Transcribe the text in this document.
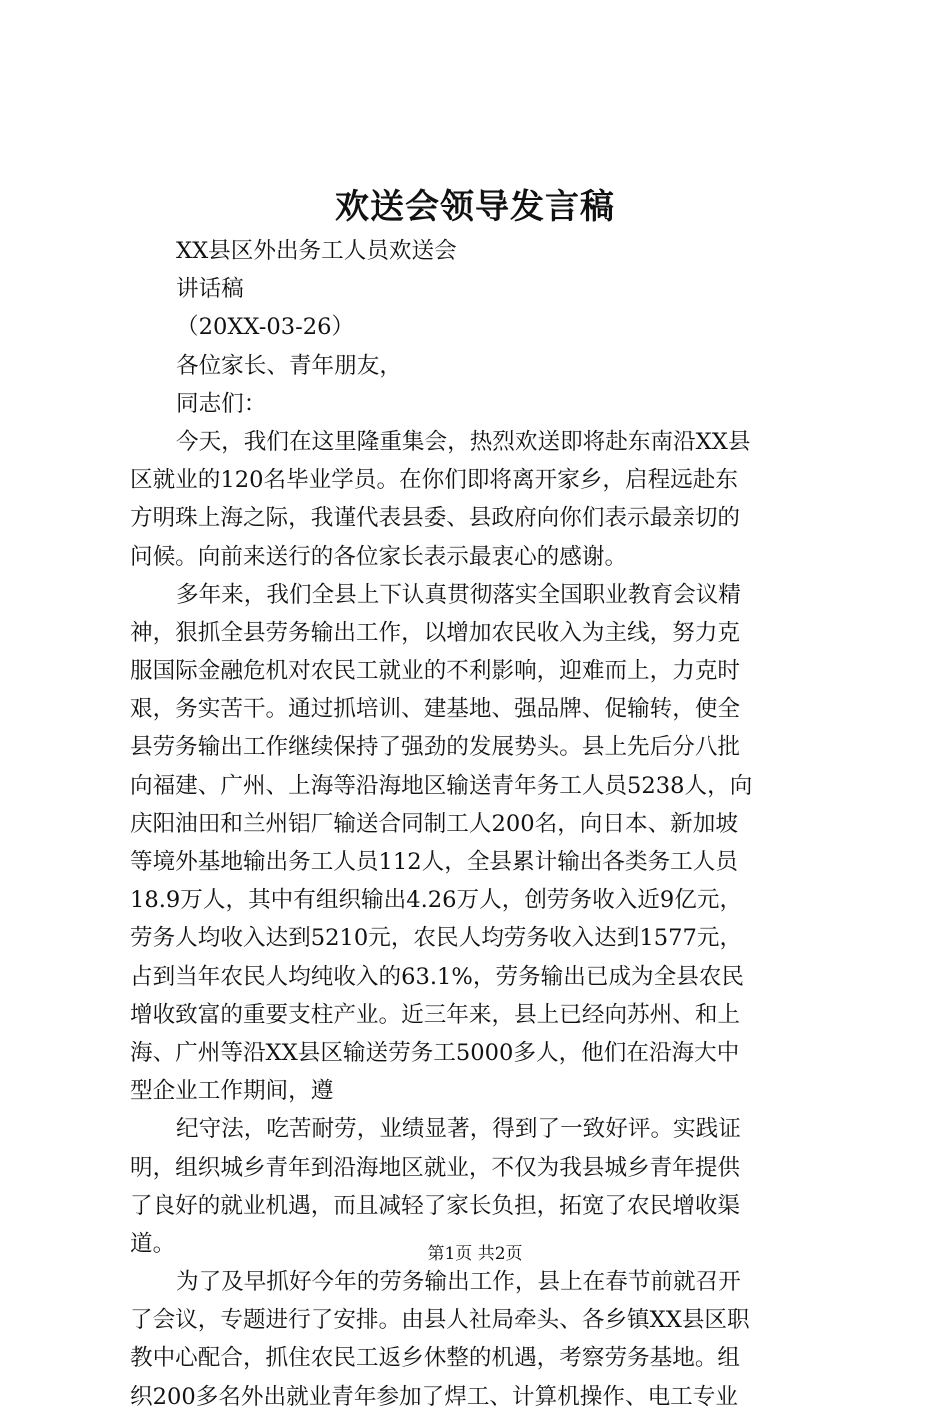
欢送会领导发言稿
XX县区外出务工人员欢送会
讲话稿
（20XX-03-26）
各位家长、青年朋友，
同志们：
今天，我们在这里隆重集会，热烈欢送即将赴东南沿XX县
区就业的120名毕业学员。在你们即将离开家乡，启程远赴东
方明珠上海之际，我谨代表县委、县政府向你们表示最亲切的
问候。向前来送行的各位家长表示最衷心的感谢。
多年来，我们全县上下认真贯彻落实全国职业教育会议精
神，狠抓全县劳务输出工作，以增加农民收入为主线，努力克
服国际金融危机对农民工就业的不利影响，迎难而上，力克时
艰，务实苦干。通过抓培训、建基地、强品牌、促输转，使全
县劳务输出工作继续保持了强劲的发展势头。县上先后分八批
向福建、广州、上海等沿海地区输送青年务工人员5238人，向
庆阳油田和兰州铝厂输送合同制工人200名，向日本、新加坡
等境外基地输出务工人员112人，全县累计输出各类务工人员
18.9万人，其中有组织输出4.26万人，创劳务收入近9亿元，
劳务人均收入达到5210元，农民人均劳务收入达到1577元，
占到当年农民人均纯收入的63.1%，劳务输出已成为全县农民
增收致富的重要支柱产业。近三年来，县上已经向苏州、和上
海、广州等沿XX县区输送劳务工5000多人，他们在沿海大中
型企业工作期间，遵
纪守法，吃苦耐劳，业绩显著，得到了一致好评。实践证
明，组织城乡青年到沿海地区就业，不仅为我县城乡青年提供
了良好的就业机遇，而且减轻了家长负担，拓宽了农民增收渠
道。
为了及早抓好今年的劳务输出工作，县上在春节前就召开
了会议，专题进行了安排。由县人社局牵头、各乡镇XX县区职
教中心配合，抓住农民工返乡休整的机遇，考察劳务基地。组
织200多名外出就业青年参加了焊工、计算机操作、电工专业
第1页 共2页
